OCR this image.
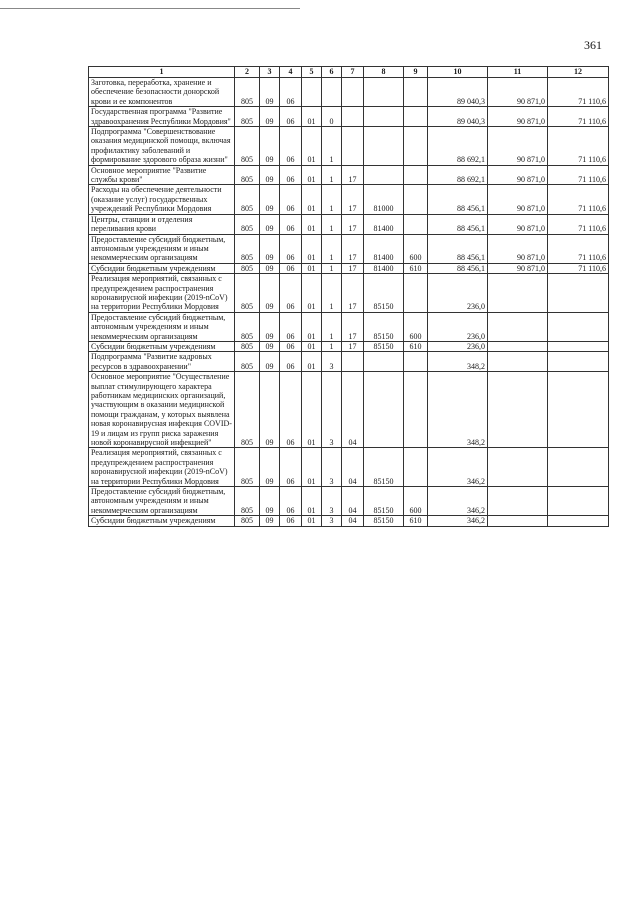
361
1	2	3	4	5	6	7	8	9	10	11	12
Заготовка, переработка, хранение и обеспечение безопасности донорской крови и ее компонентов	805	09	06						89 040,3	90 871,0	71 110,6
Государственная программа "Развитие здравоохранения Республики Мордовия"	805	09	06	01	0				89 040,3	90 871,0	71 110,6
Подпрограмма "Совершенствование оказания медицинской помощи, включая профилактику заболеваний и формирование здорового образа жизни"	805	09	06	01	1				88 692,1	90 871,0	71 110,6
Основное мероприятие "Развитие службы крови"	805	09	06	01	1	17			88 692,1	90 871,0	71 110,6
Расходы на обеспечение деятельности (оказание услуг) государственных учреждений Республики Мордовия	805	09	06	01	1	17	81000		88 456,1	90 871,0	71 110,6
Центры, станции и отделения переливания крови	805	09	06	01	1	17	81400		88 456,1	90 871,0	71 110,6
Предоставление субсидий бюджетным, автономным учреждениям и иным некоммерческим организациям	805	09	06	01	1	17	81400	600	88 456,1	90 871,0	71 110,6
Субсидии бюджетным учреждениям	805	09	06	01	1	17	81400	610	88 456,1	90 871,0	71 110,6
Реализация мероприятий, связанных с предупреждением распространения коронавирусной инфекции (2019-nCoV) на территории Республики Мордовия	805	09	06	01	1	17	85150		236,0		
Предоставление субсидий бюджетным, автономным учреждениям и иным некоммерческим организациям	805	09	06	01	1	17	85150	600	236,0		
Субсидии бюджетным учреждениям	805	09	06	01	1	17	85150	610	236,0		
Подпрограмма "Развитие кадровых ресурсов в здравоохранении"	805	09	06	01	3				348,2		
Основное мероприятие "Осуществление выплат стимулирующего характера работникам медицинских организаций, участвующим в оказании медицинской помощи гражданам, у которых выявлена новая коронавирусная инфекция COVID-19 и лицам из групп риска заражения новой коронавирусной инфекцией"	805	09	06	01	3	04			348,2		
Реализация мероприятий, связанных с предупреждением распространения коронавирусной инфекции (2019-nCoV) на территории Республики Мордовия	805	09	06	01	3	04	85150		346,2		
Предоставление субсидий бюджетным, автономным учреждениям и иным некоммерческим организациям	805	09	06	01	3	04	85150	600	346,2		
Субсидии бюджетным учреждениям	805	09	06	01	3	04	85150	610	346,2		
